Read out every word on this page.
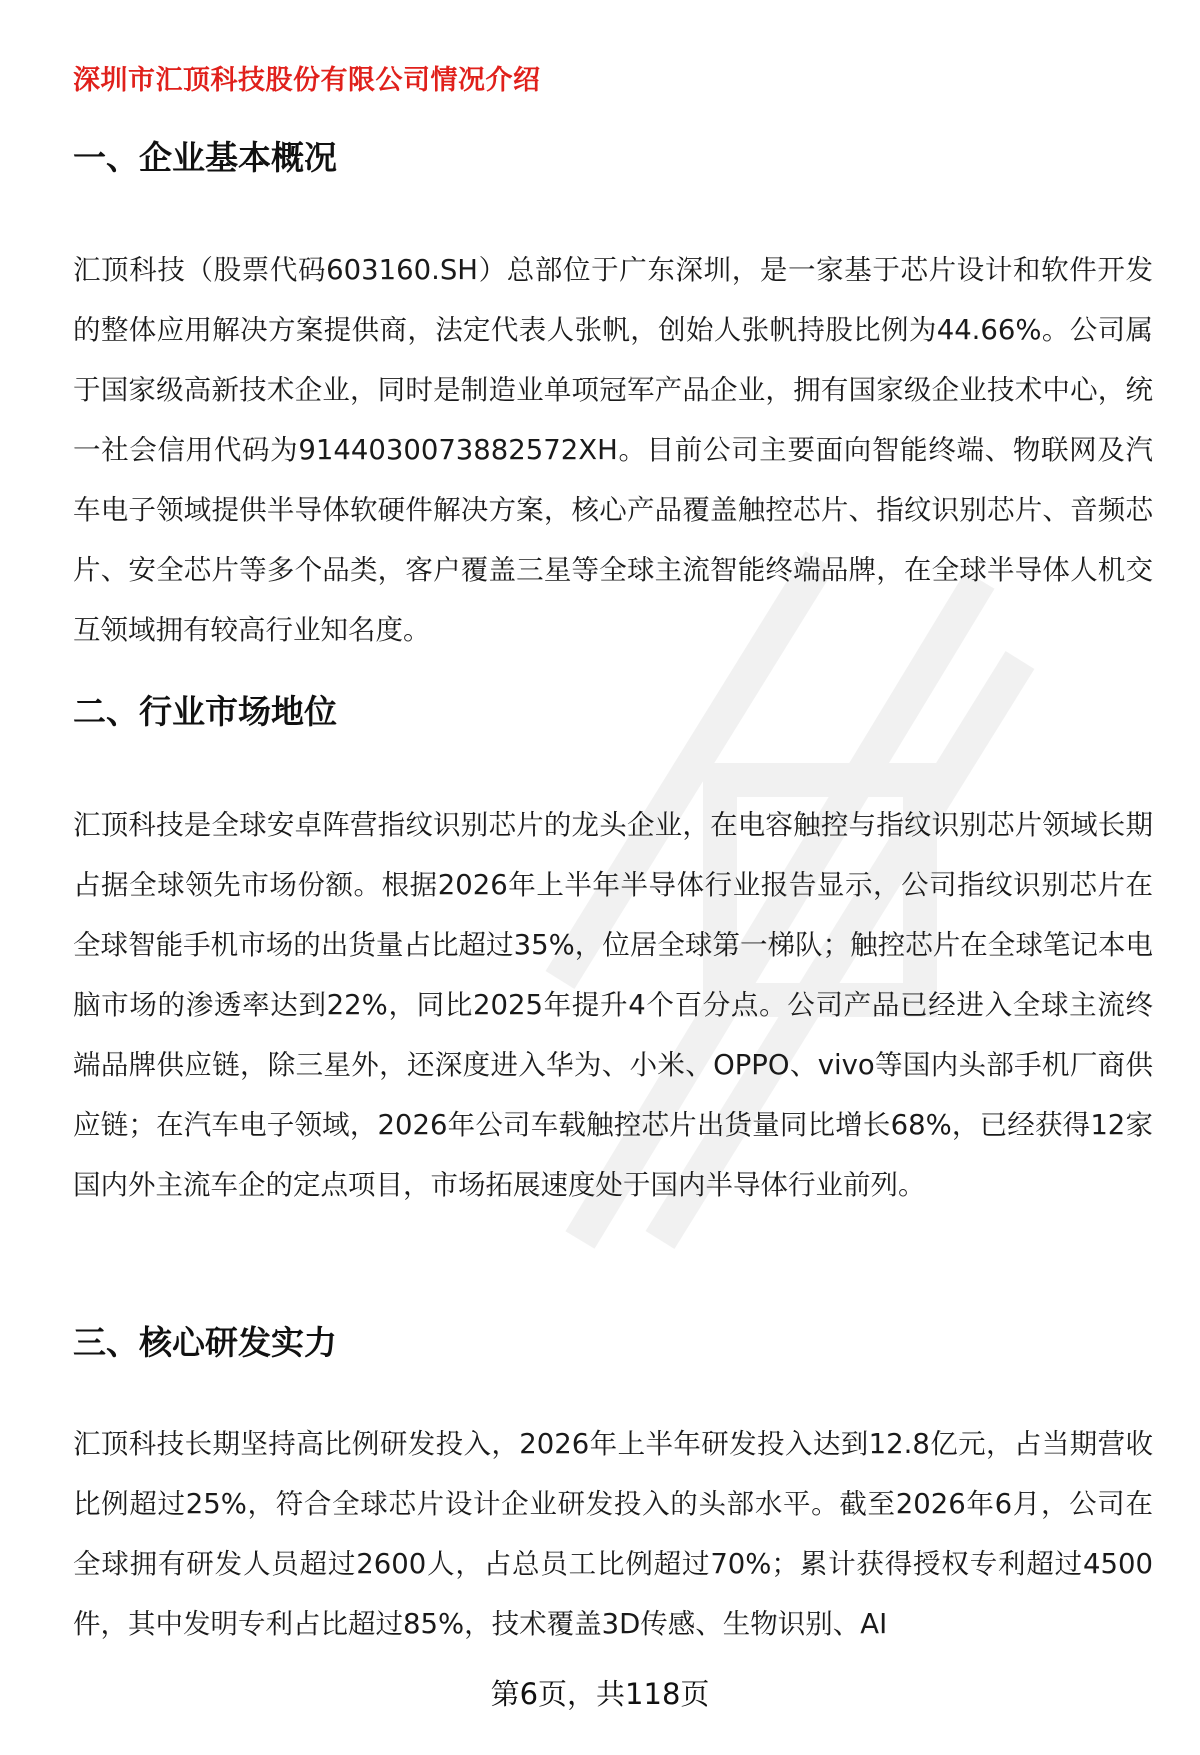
深圳市汇顶科技股份有限公司情况介绍
一、企业基本概况

汇顶科技（股票代码603160.SH）总部位于广东深圳，是一家基于芯片设计和软件开发的整体应用解决方案提供商，法定代表人张帆，创始人张帆持股比例为44.66%。公司属于国家级高新技术企业，同时是制造业单项冠军产品企业，拥有国家级企业技术中心，统一社会信用代码为9144030073882572XH。目前公司主要面向智能终端、物联网及汽车电子领域提供半导体软硬件解决方案，核心产品覆盖触控芯片、指纹识别芯片、音频芯片、安全芯片等多个品类，客户覆盖三星等全球主流智能终端品牌，在全球半导体人机交互领域拥有较高行业知名度。

二、行业市场地位

汇顶科技是全球安卓阵营指纹识别芯片的龙头企业，在电容触控与指纹识别芯片领域长期占据全球领先市场份额。根据2026年上半年半导体行业报告显示，公司指纹识别芯片在全球智能手机市场的出货量占比超过35%，位居全球第一梯队；触控芯片在全球笔记本电脑市场的渗透率达到22%，同比2025年提升4个百分点。公司产品已经进入全球主流终端品牌供应链，除三星外，还深度进入华为、小米、OPPO、vivo等国内头部手机厂商供应链；在汽车电子领域，2026年公司车载触控芯片出货量同比增长68%，已经获得12家国内外主流车企的定点项目，市场拓展速度处于国内半导体行业前列。

三、核心研发实力

汇顶科技长期坚持高比例研发投入，2026年上半年研发投入达到12.8亿元，占当期营收比例超过25%，符合全球芯片设计企业研发投入的头部水平。截至2026年6月，公司在全球拥有研发人员超过2600人，占总员工比例超过70%；累计获得授权专利超过4500件，其中发明专利占比超过85%，技术覆盖3D传感、生物识别、AI

第6页，共118页
